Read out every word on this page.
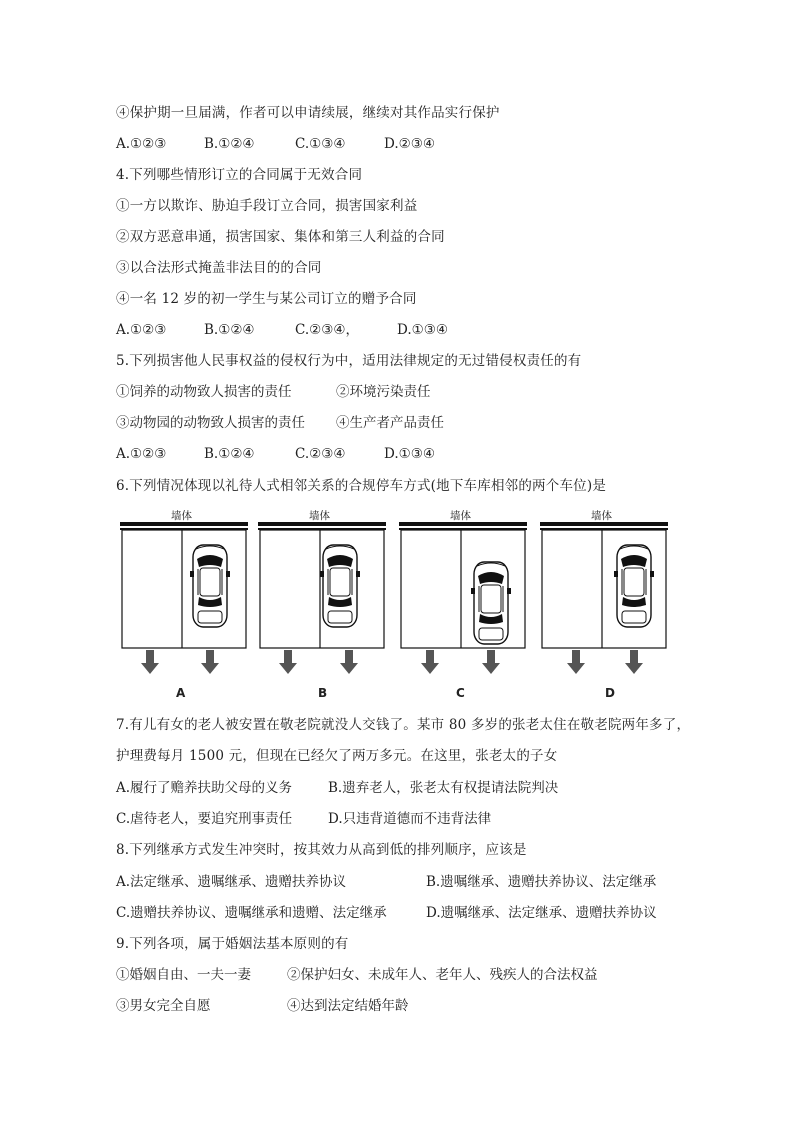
④保护期一旦届满，作者可以申请续展，继续对其作品实行保护
A.①②③	B.①②④	C.①③④	D.②③④
4.下列哪些情形订立的合同属于无效合同
①一方以欺诈、胁迫手段订立合同，损害国家利益
②双方恶意串通，损害国家、集体和第三人利益的合同
③以合法形式掩盖非法目的的合同
④一名 12 岁的初一学生与某公司订立的赠予合同
A.①②③	B.①②④	C.②③④，	D.①③④
5.下列损害他人民事权益的侵权行为中，适用法律规定的无过错侵权责任的有
①饲养的动物致人损害的责任	②环境污染责任
③动物园的动物致人损害的责任 ④生产者产品责任
A.①②③	B.①②④	C.②③④	D.①③④
6.下列情况体现以礼待人式相邻关系的合规停车方式(地下车库相邻的两个车位)是
墙体	墙体	墙体	墙体
A	B	C	D
7.有儿有女的老人被安置在敬老院就没人交钱了。某市 80 多岁的张老太住在敬老院两年多了，
护理费每月 1500 元，但现在已经欠了两万多元。在这里，张老太的子女
A.履行了赡养扶助父母的义务	B.遗弃老人，张老太有权提请法院判决
C.虐待老人，要追究刑事责任	D.只违背道德而不违背法律
8.下列继承方式发生冲突时，按其效力从高到低的排列顺序，应该是
A.法定继承、遗嘱继承、遗赠扶养协议	B.遗嘱继承、遗赠扶养协议、法定继承
C.遗赠扶养协议、遗嘱继承和遗赠、法定继承	D.遗嘱继承、法定继承、遗赠扶养协议
9.下列各项，属于婚姻法基本原则的有
①婚姻自由、一夫一妻	②保护妇女、未成年人、老年人、残疾人的合法权益
③男女完全自愿	④达到法定结婚年龄
